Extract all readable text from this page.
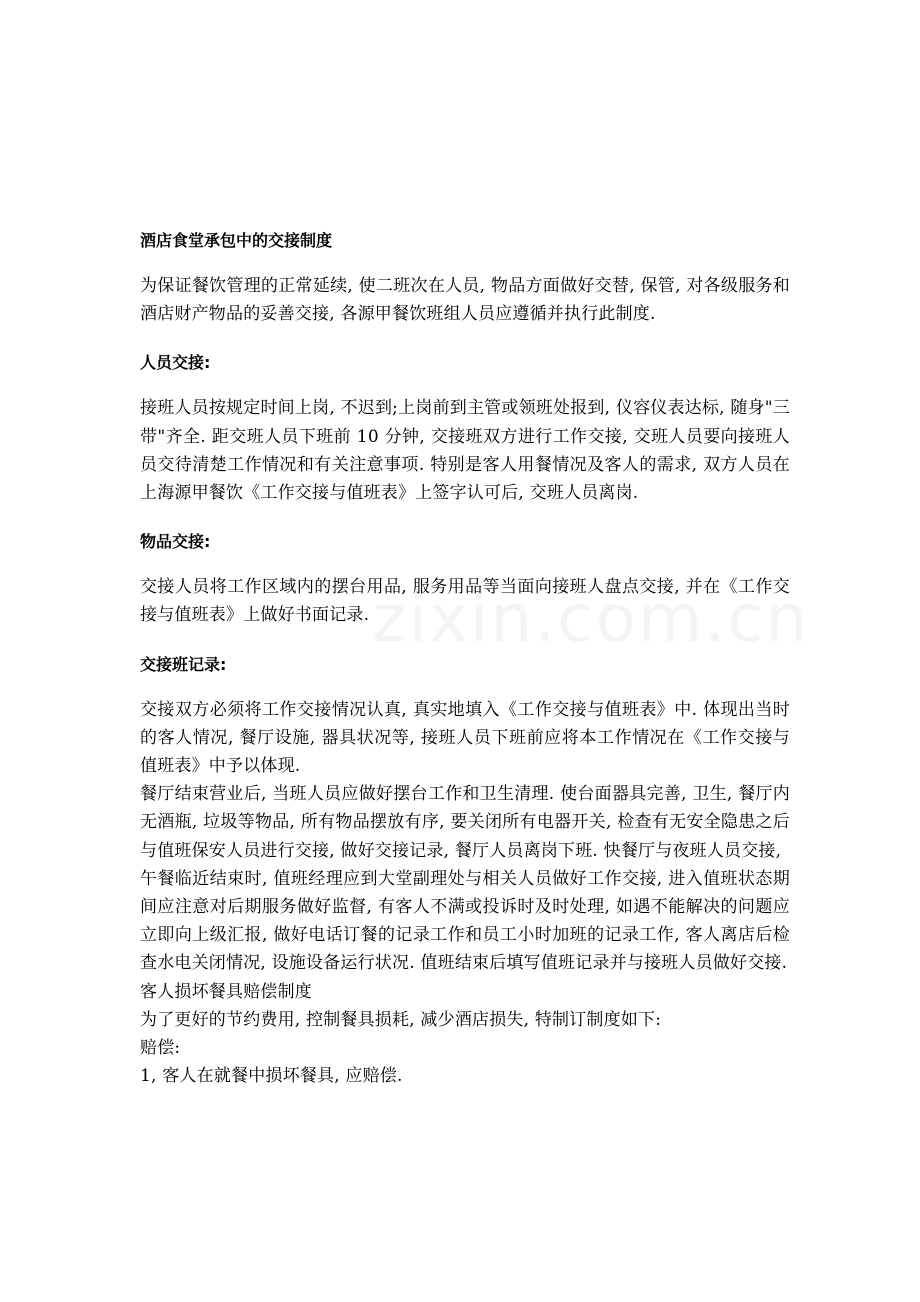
酒店食堂承包中的交接制度

为保证餐饮管理的正常延续, 使二班次在人员, 物品方面做好交替, 保管, 对各级服务和酒店财产物品的妥善交接, 各源甲餐饮班组人员应遵循并执行此制度.

人员交接:

接班人员按规定时间上岗, 不迟到;上岗前到主管或领班处报到, 仪容仪表达标, 随身"三带"齐全. 距交班人员下班前 10 分钟, 交接班双方进行工作交接, 交班人员要向接班人员交待清楚工作情况和有关注意事项. 特别是客人用餐情况及客人的需求, 双方人员在上海源甲餐饮《工作交接与值班表》上签字认可后, 交班人员离岗.

物品交接:

交接人员将工作区域内的摆台用品, 服务用品等当面向接班人盘点交接, 并在《工作交接与值班表》上做好书面记录.

交接班记录:

交接双方必须将工作交接情况认真, 真实地填入《工作交接与值班表》中. 体现出当时的客人情况, 餐厅设施, 器具状况等, 接班人员下班前应将本工作情况在《工作交接与值班表》中予以体现.

餐厅结束营业后, 当班人员应做好摆台工作和卫生清理. 使台面器具完善, 卫生, 餐厅内无酒瓶, 垃圾等物品, 所有物品摆放有序, 要关闭所有电器开关, 检查有无安全隐患之后与值班保安人员进行交接, 做好交接记录, 餐厅人员离岗下班. 快餐厅与夜班人员交接,

午餐临近结束时, 值班经理应到大堂副理处与相关人员做好工作交接, 进入值班状态期间应注意对后期服务做好监督, 有客人不满或投诉时及时处理, 如遇不能解决的问题应立即向上级汇报, 做好电话订餐的记录工作和员工小时加班的记录工作, 客人离店后检查水电关闭情况, 设施设备运行状况. 值班结束后填写值班记录并与接班人员做好交接.

客人损坏餐具赔偿制度

为了更好的节约费用, 控制餐具损耗, 减少酒店损失, 特制订制度如下:

赔偿:

1, 客人在就餐中损坏餐具, 应赔偿.
